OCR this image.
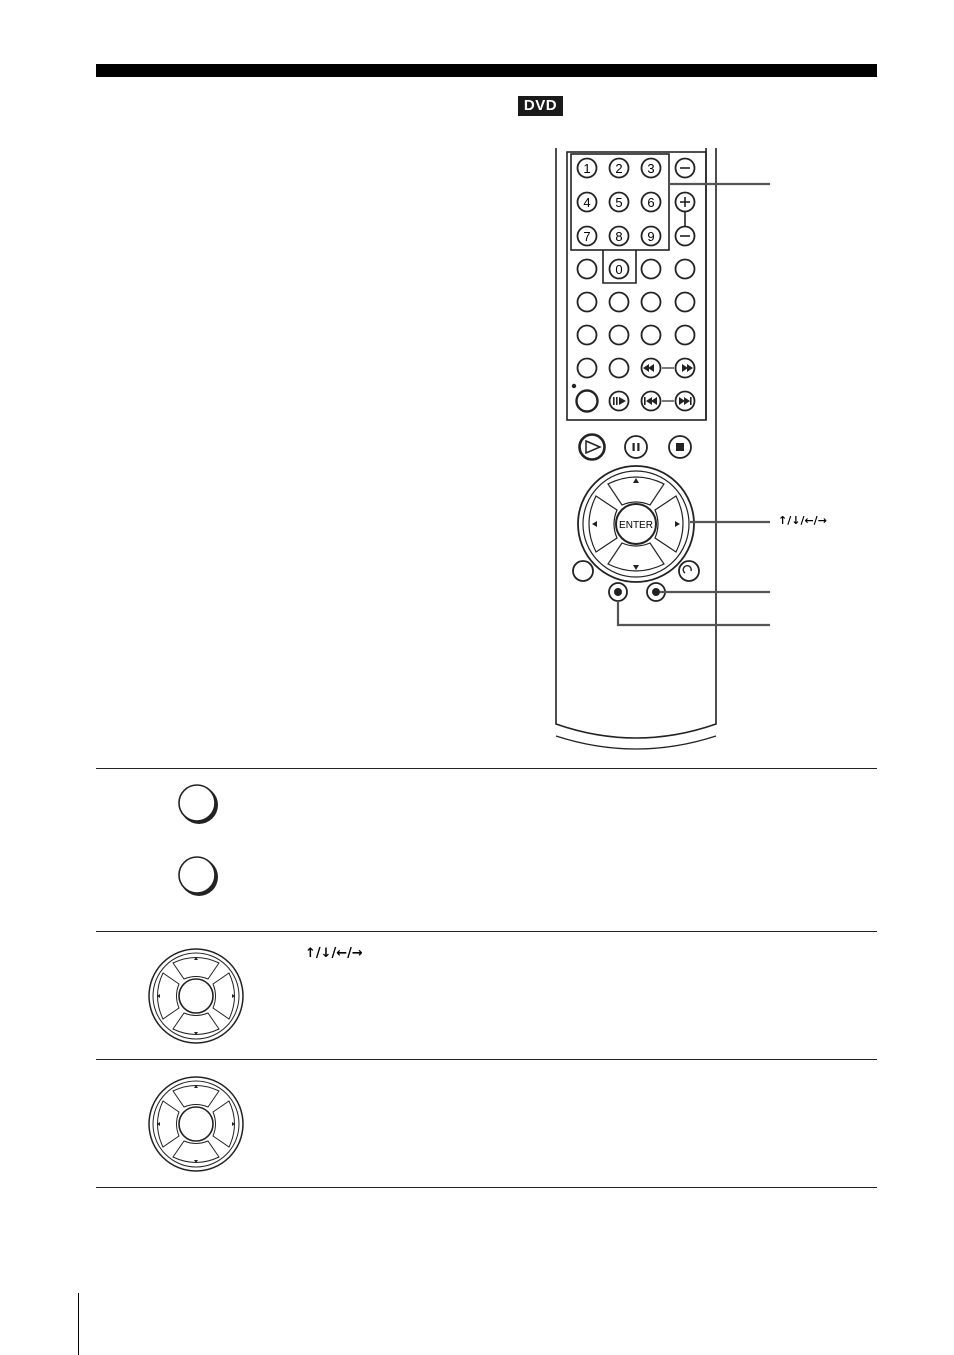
DVD
1 2 3
4 5 6
7 8 9
0
ENTER	↑/↓/←/→
↑/↓/←/→
